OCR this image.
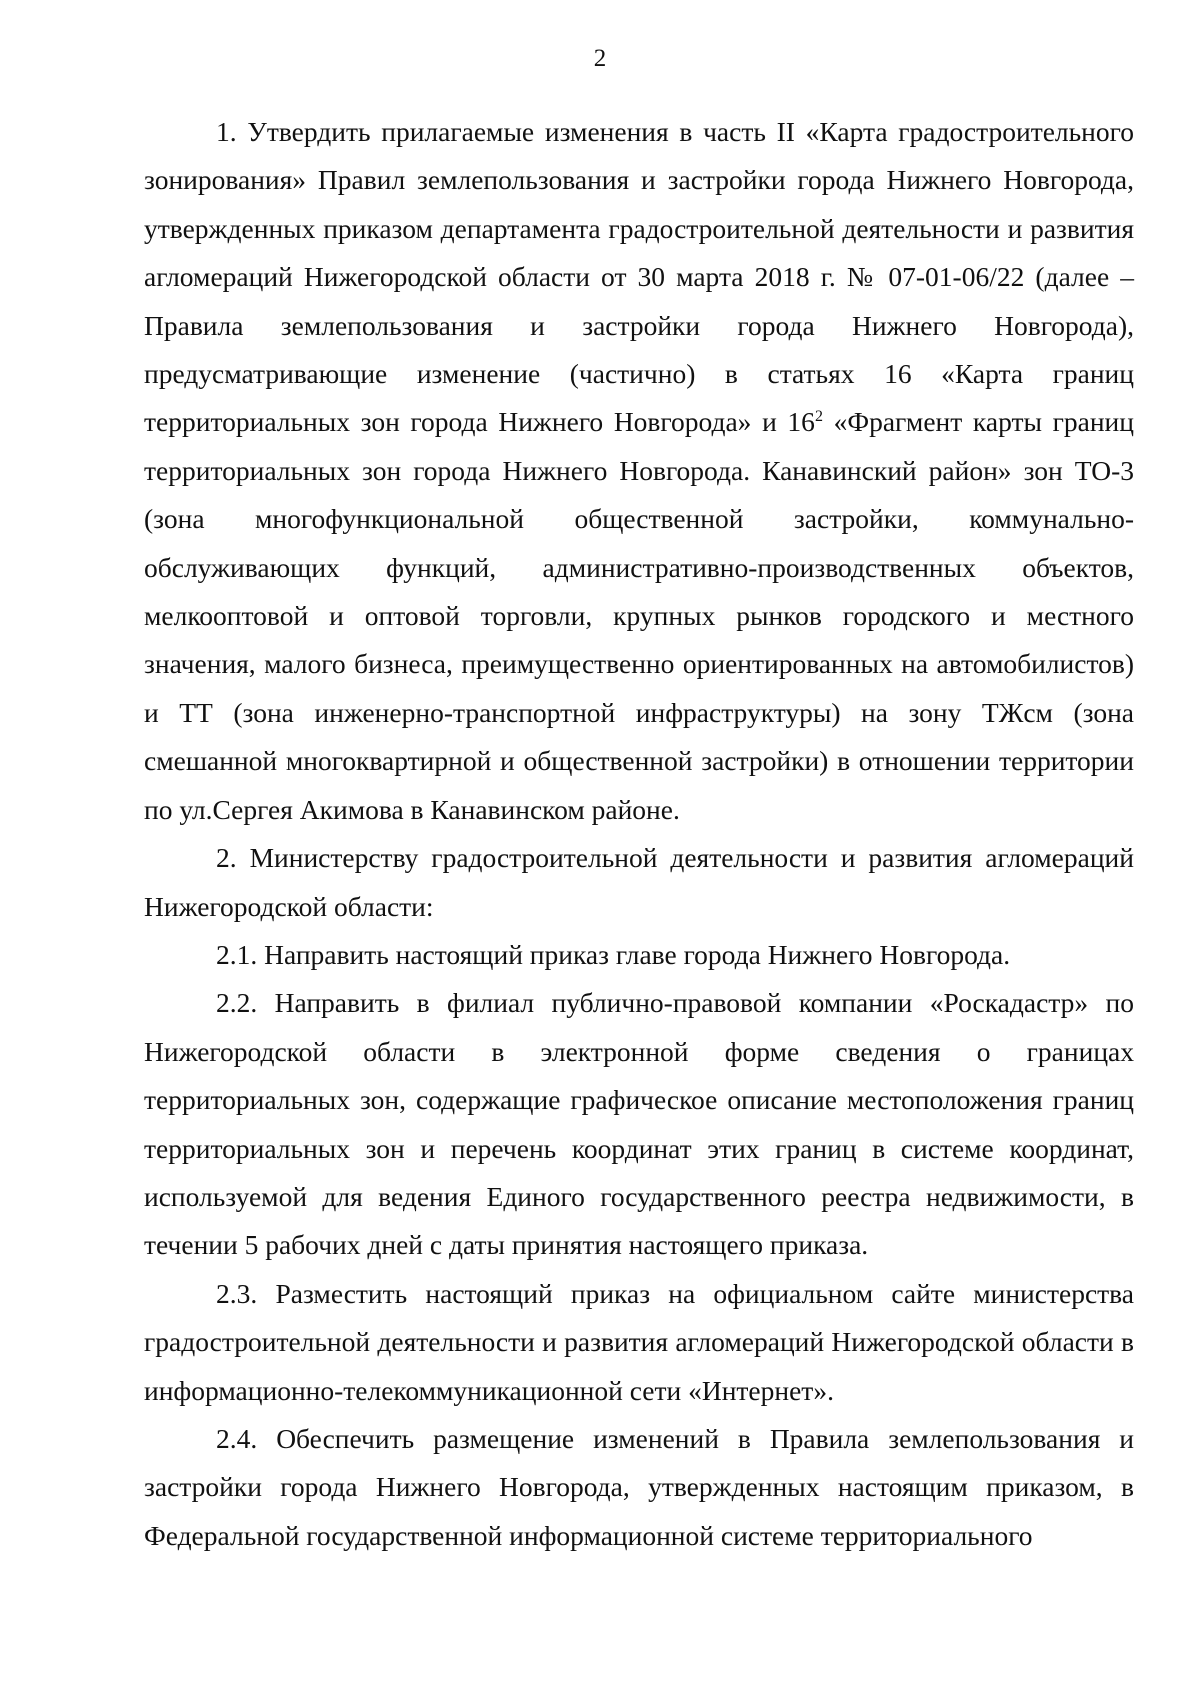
2

1. Утвердить прилагаемые изменения в часть II «Карта градостроительного зонирования» Правил землепользования и застройки города Нижнего Новгорода, утвержденных приказом департамента градостроительной деятельности и развития агломераций Нижегородской области от 30 марта 2018 г. № 07-01-06/22 (далее – Правила землепользования и застройки города Нижнего Новгорода), предусматривающие изменение (частично) в статьях 16 «Карта границ территориальных зон города Нижнего Новгорода» и $16^2$ «Фрагмент карты границ территориальных зон города Нижнего Новгорода. Канавинский район» зон ТО-3 (зона многофункциональной общественной застройки, коммунально-обслуживающих функций, административно-производственных объектов, мелкооптовой и оптовой торговли, крупных рынков городского и местного значения, малого бизнеса, преимущественно ориентированных на автомобилистов) и ТТ (зона инженерно-транспортной инфраструктуры) на зону ТЖсм (зона смешанной многоквартирной и общественной застройки) в отношении территории по ул.Сергея Акимова в Канавинском районе.

2. Министерству градостроительной деятельности и развития агломераций Нижегородской области:

2.1. Направить настоящий приказ главе города Нижнего Новгорода.

2.2. Направить в филиал публично-правовой компании «Роскадастр» по Нижегородской области в электронной форме сведения о границах территориальных зон, содержащие графическое описание местоположения границ территориальных зон и перечень координат этих границ в системе координат, используемой для ведения Единого государственного реестра недвижимости, в течении 5 рабочих дней с даты принятия настоящего приказа.

2.3. Разместить настоящий приказ на официальном сайте министерства градостроительной деятельности и развития агломераций Нижегородской области в информационно-телекоммуникационной сети «Интернет».

2.4. Обеспечить размещение изменений в Правила землепользования и застройки города Нижнего Новгорода, утвержденных настоящим приказом, в Федеральной государственной информационной системе территориального
